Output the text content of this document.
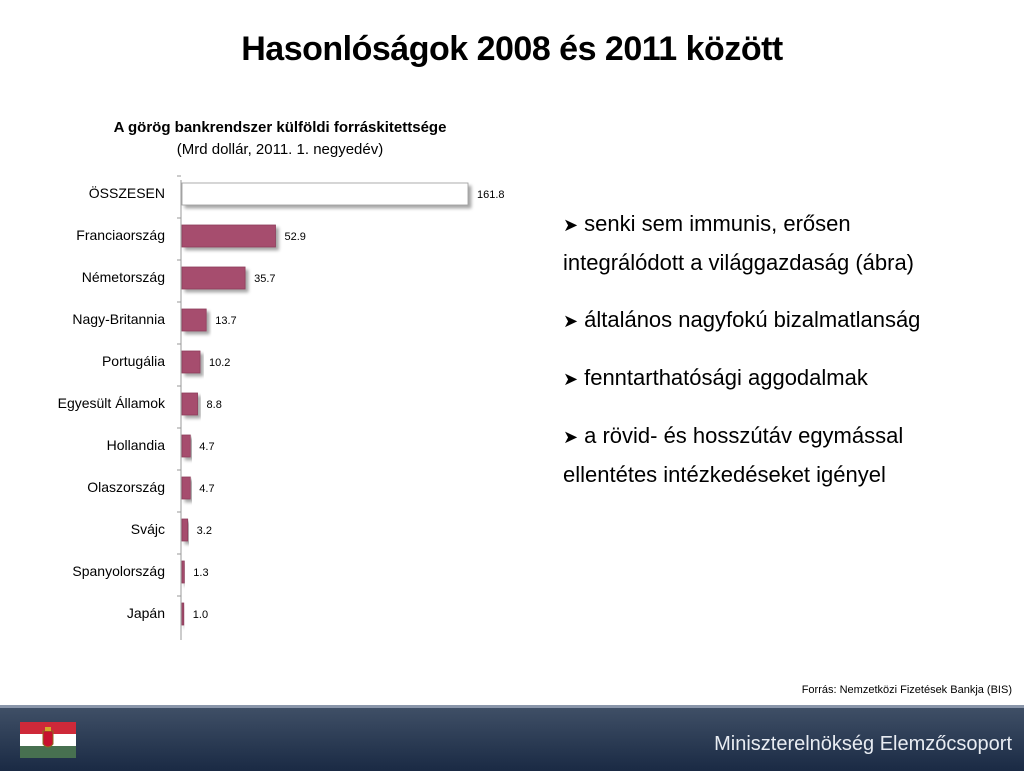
Hasonlóságok 2008 és 2011 között
A görög bankrendszer külföldi forráskitettsége
(Mrd dollár, 2011. 1. negyedév)
ÖSSZESEN	161.8
Franciaország	52.9
Németország	35.7
Nagy-Britannia	13.7
Portugália	10.2
Egyesült Államok	8.8
Hollandia	4.7
Olaszország	4.7
Svájc	3.2
Spanyolország	1.3
Japán	1.0
➤ senki sem immunis, erősen integrálódott a világgazdaság (ábra)
➤ általános nagyfokú bizalmatlanság
➤ fenntarthatósági aggodalmak
➤ a rövid- és hosszútáv egymással ellentétes intézkedéseket igényel
Forrás: Nemzetközi Fizetések Bankja (BIS)
Miniszterelnökség Elemzőcsoport
